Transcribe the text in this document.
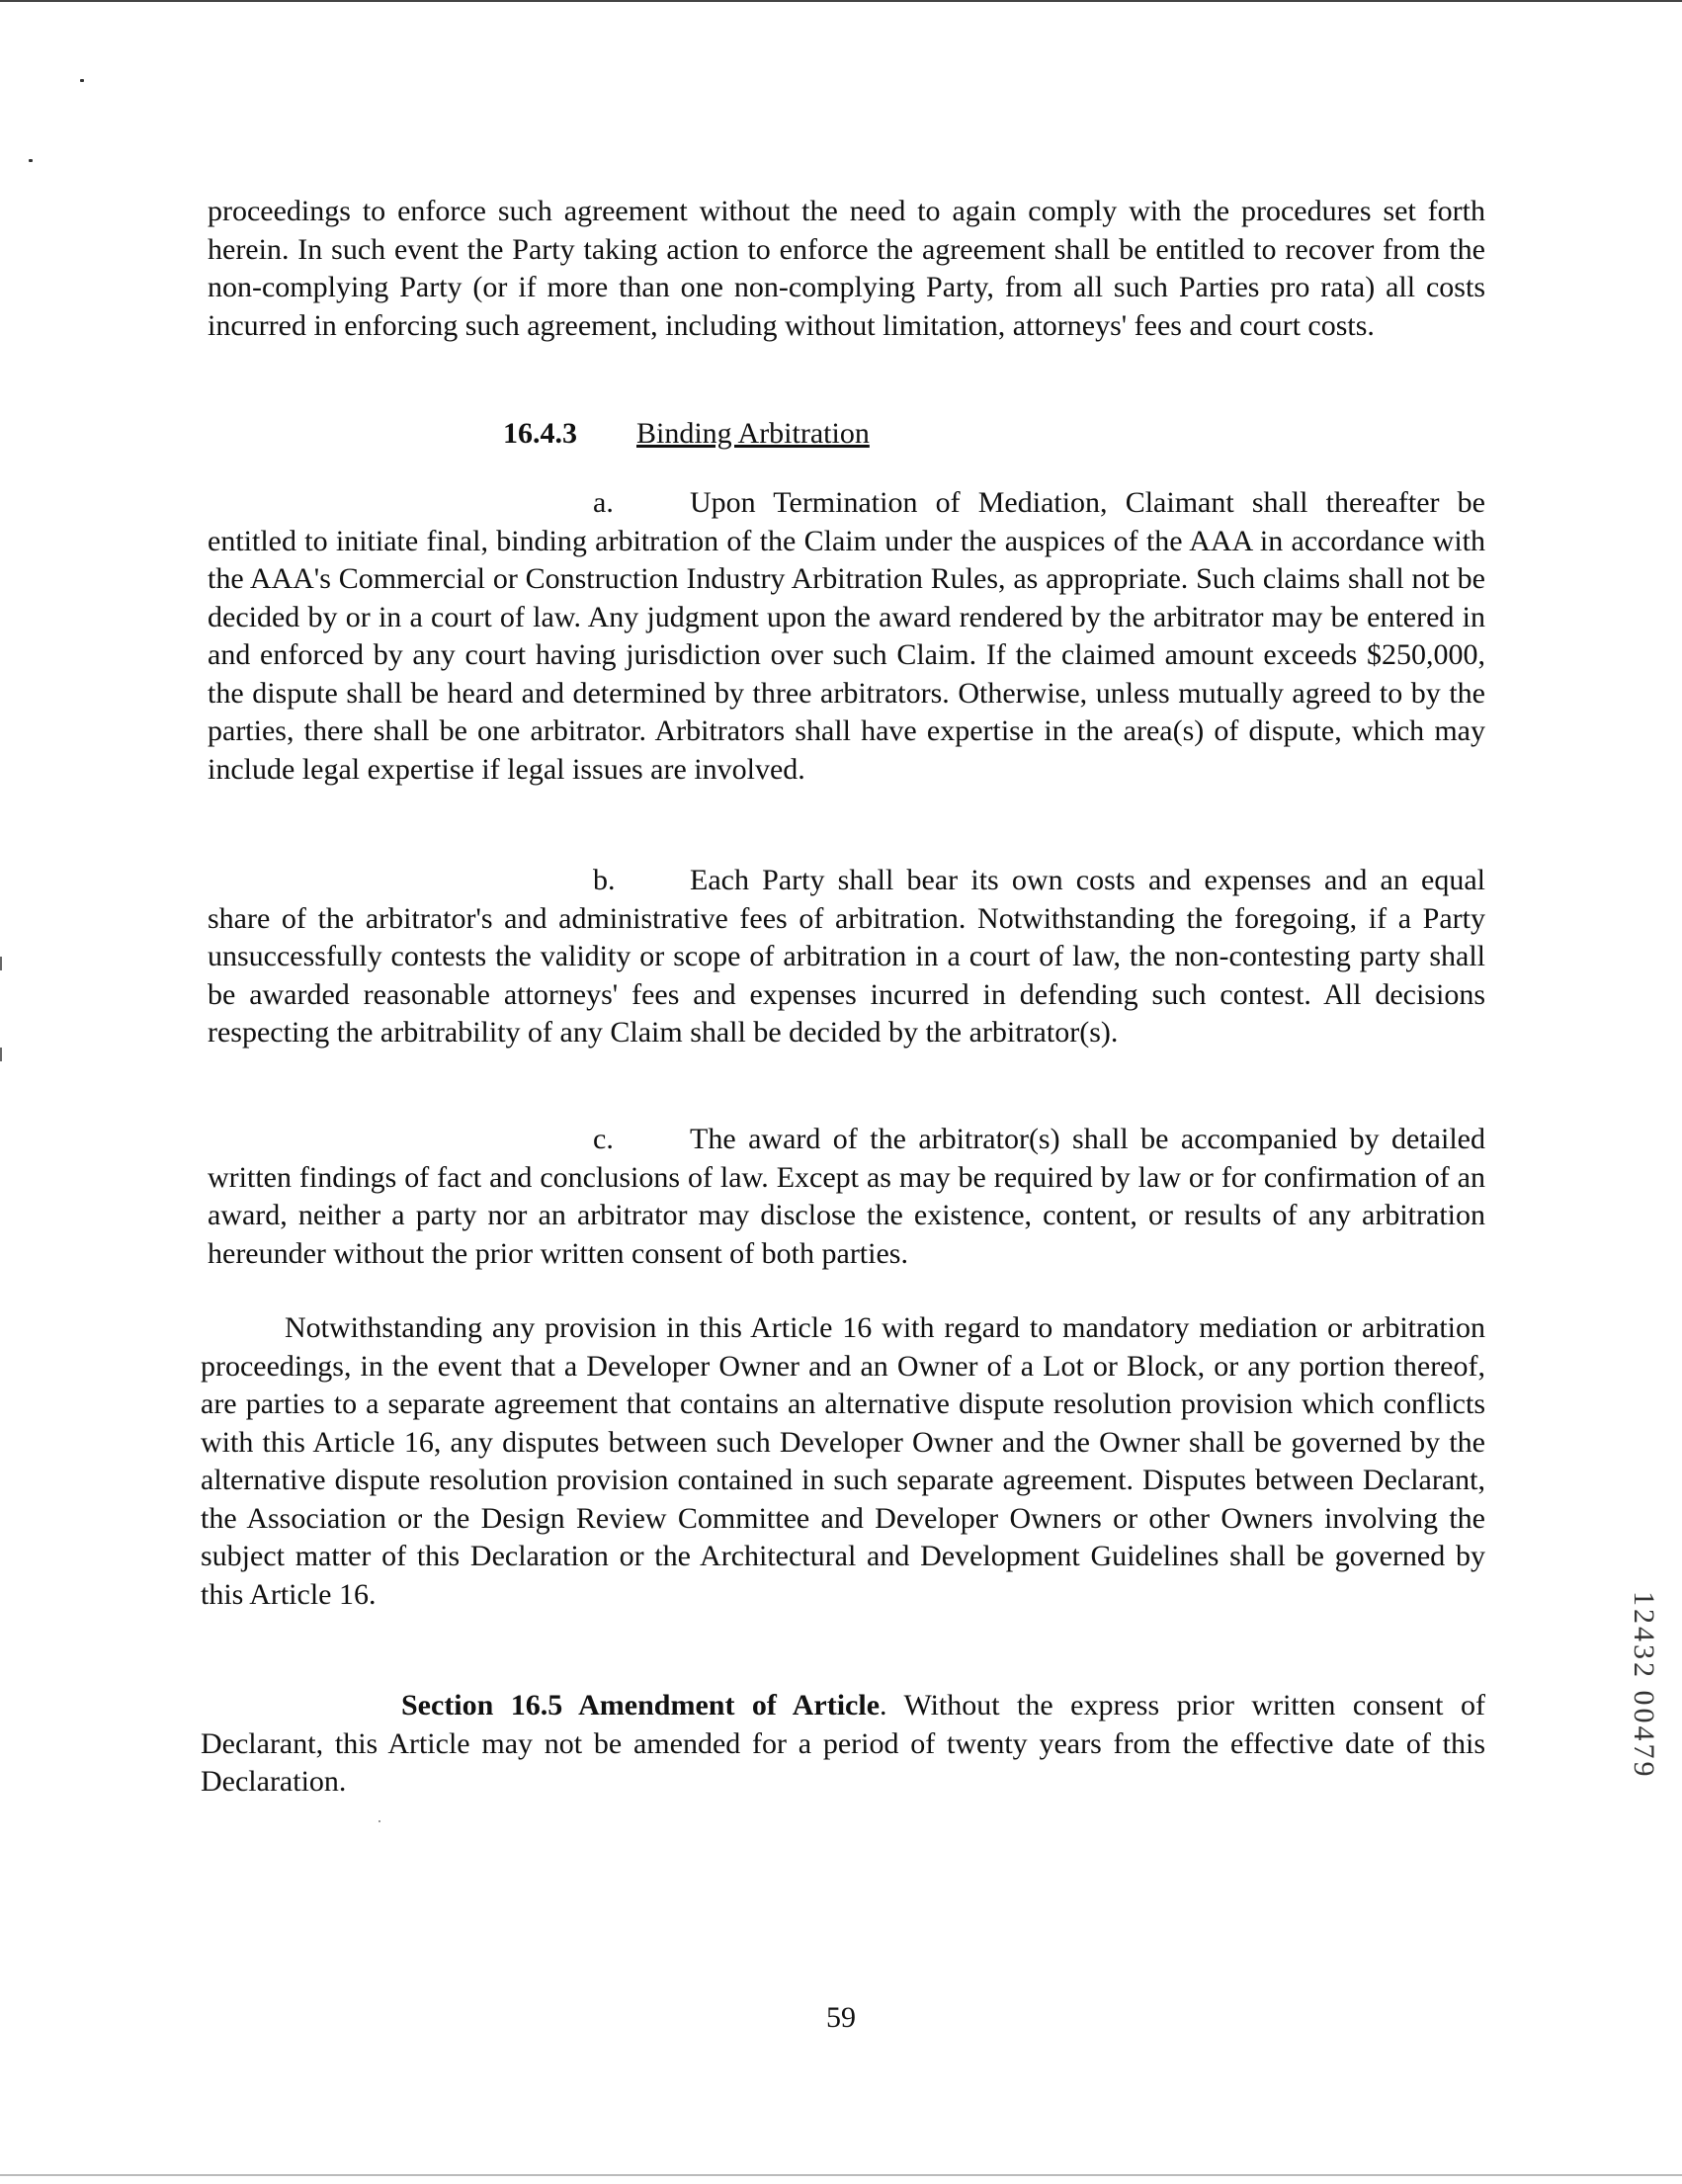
proceedings to enforce such agreement without the need to again comply with the procedures set forth herein. In such event the Party taking action to enforce the agreement shall be entitled to recover from the non-complying Party (or if more than one non-complying Party, from all such Parties pro rata) all costs incurred in enforcing such agreement, including without limitation, attorneys' fees and court costs.

16.4.3 Binding Arbitration

a.	Upon Termination of Mediation, Claimant shall thereafter be entitled to initiate final, binding arbitration of the Claim under the auspices of the AAA in accordance with the AAA's Commercial or Construction Industry Arbitration Rules, as appropriate. Such claims shall not be decided by or in a court of law. Any judgment upon the award rendered by the arbitrator may be entered in and enforced by any court having jurisdiction over such Claim. If the claimed amount exceeds $250,000, the dispute shall be heard and determined by three arbitrators. Otherwise, unless mutually agreed to by the parties, there shall be one arbitrator. Arbitrators shall have expertise in the area(s) of dispute, which may include legal expertise if legal issues are involved.

b.	Each Party shall bear its own costs and expenses and an equal share of the arbitrator's and administrative fees of arbitration. Notwithstanding the foregoing, if a Party unsuccessfully contests the validity or scope of arbitration in a court of law, the non-contesting party shall be awarded reasonable attorneys' fees and expenses incurred in defending such contest. All decisions respecting the arbitrability of any Claim shall be decided by the arbitrator(s).

c.	The award of the arbitrator(s) shall be accompanied by detailed written findings of fact and conclusions of law. Except as may be required by law or for confirmation of an award, neither a party nor an arbitrator may disclose the existence, content, or results of any arbitration hereunder without the prior written consent of both parties.

Notwithstanding any provision in this Article 16 with regard to mandatory mediation or arbitration proceedings, in the event that a Developer Owner and an Owner of a Lot or Block, or any portion thereof, are parties to a separate agreement that contains an alternative dispute resolution provision which conflicts with this Article 16, any disputes between such Developer Owner and the Owner shall be governed by the alternative dispute resolution provision contained in such separate agreement. Disputes between Declarant, the Association or the Design Review Committee and Developer Owners or other Owners involving the subject matter of this Declaration or the Architectural and Development Guidelines shall be governed by this Article 16.

Section 16.5 Amendment of Article. Without the express prior written consent of Declarant, this Article may not be amended for a period of twenty years from the effective date of this Declaration.

12432 00479

59
